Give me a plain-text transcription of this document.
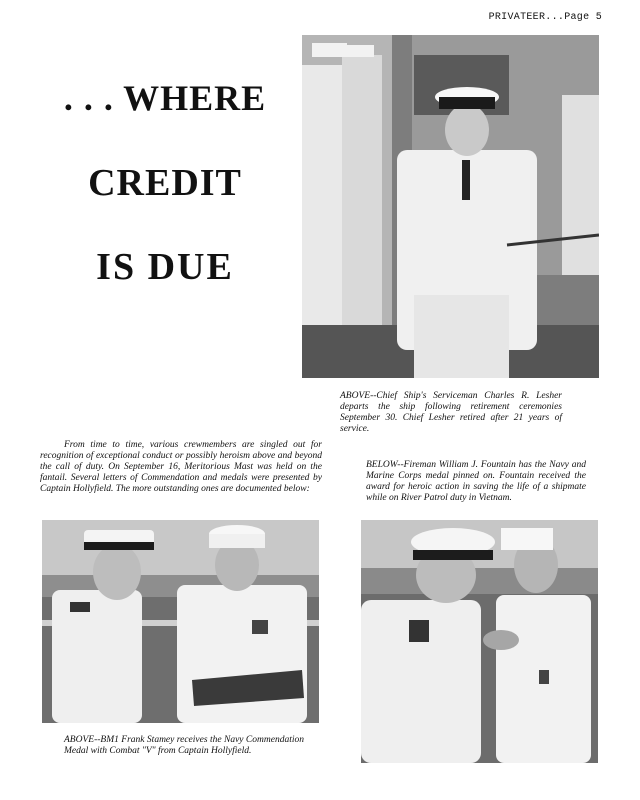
PRIVATEER...Page 5
. . . WHERE
CREDIT
IS DUE
ABOVE--Chief Ship's Serviceman Charles R. Lesher departs the ship following retirement ceremonies September 30. Chief Lesher retired after 21 years of service.
From time to time, various crewmembers are singled out for recognition of exceptional conduct or possibly heroism above and beyond the call of duty. On September 16, Meritorious Mast was held on the fantail. Several letters of Commendation and medals were presented by Captain Hollyfield. The more outstanding ones are documented below:
BELOW--Fireman William J. Fountain has the Navy and Marine Corps medal pinned on. Fountain received the award for heroic action in saving the life of a shipmate while on River Patrol duty in Vietnam.
ABOVE--BM1 Frank Stamey receives the Navy Commendation Medal with Combat "V" from Captain Hollyfield.
